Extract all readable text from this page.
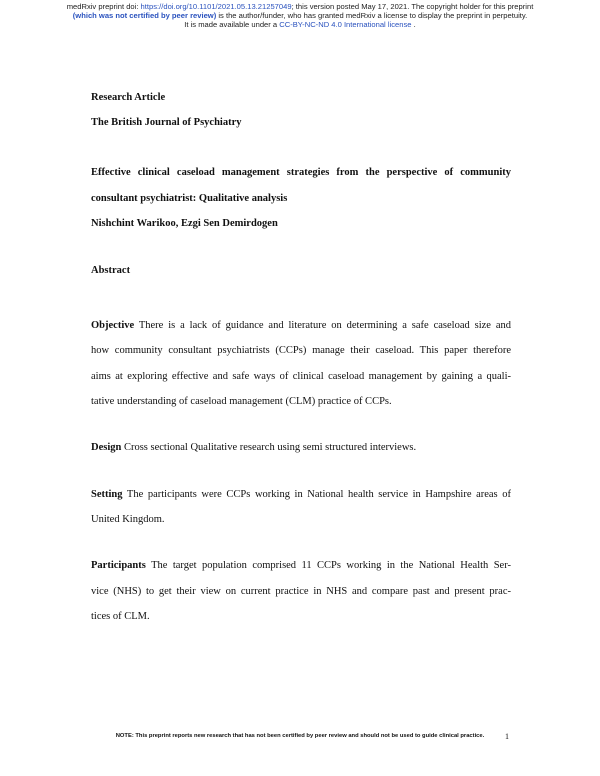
medRxiv preprint doi: https://doi.org/10.1101/2021.05.13.21257049; this version posted May 17, 2021. The copyright holder for this preprint
(which was not certified by peer review) is the author/funder, who has granted medRxiv a license to display the preprint in perpetuity.
It is made available under a CC-BY-NC-ND 4.0 International license .
Research Article
The British Journal of Psychiatry
Effective clinical caseload management strategies from the perspective of community
consultant psychiatrist: Qualitative analysis
Nishchint Warikoo, Ezgi Sen Demirdogen
Abstract
Objective There is a lack of guidance and literature on determining a safe caseload size and
how community consultant psychiatrists (CCPs) manage their caseload. This paper therefore
aims at exploring effective and safe ways of clinical caseload management by gaining a quali-
tative understanding of caseload management (CLM) practice of CCPs.
Design Cross sectional Qualitative research using semi structured interviews.
Setting The participants were CCPs working in National health service in Hampshire areas of
United Kingdom.
Participants The target population comprised 11 CCPs working in the National Health Ser-
vice (NHS) to get their view on current practice in NHS and compare past and present prac-
tices of CLM.
NOTE: This preprint reports new research that has not been certified by peer review and should not be used to guide clinical practice.	1
